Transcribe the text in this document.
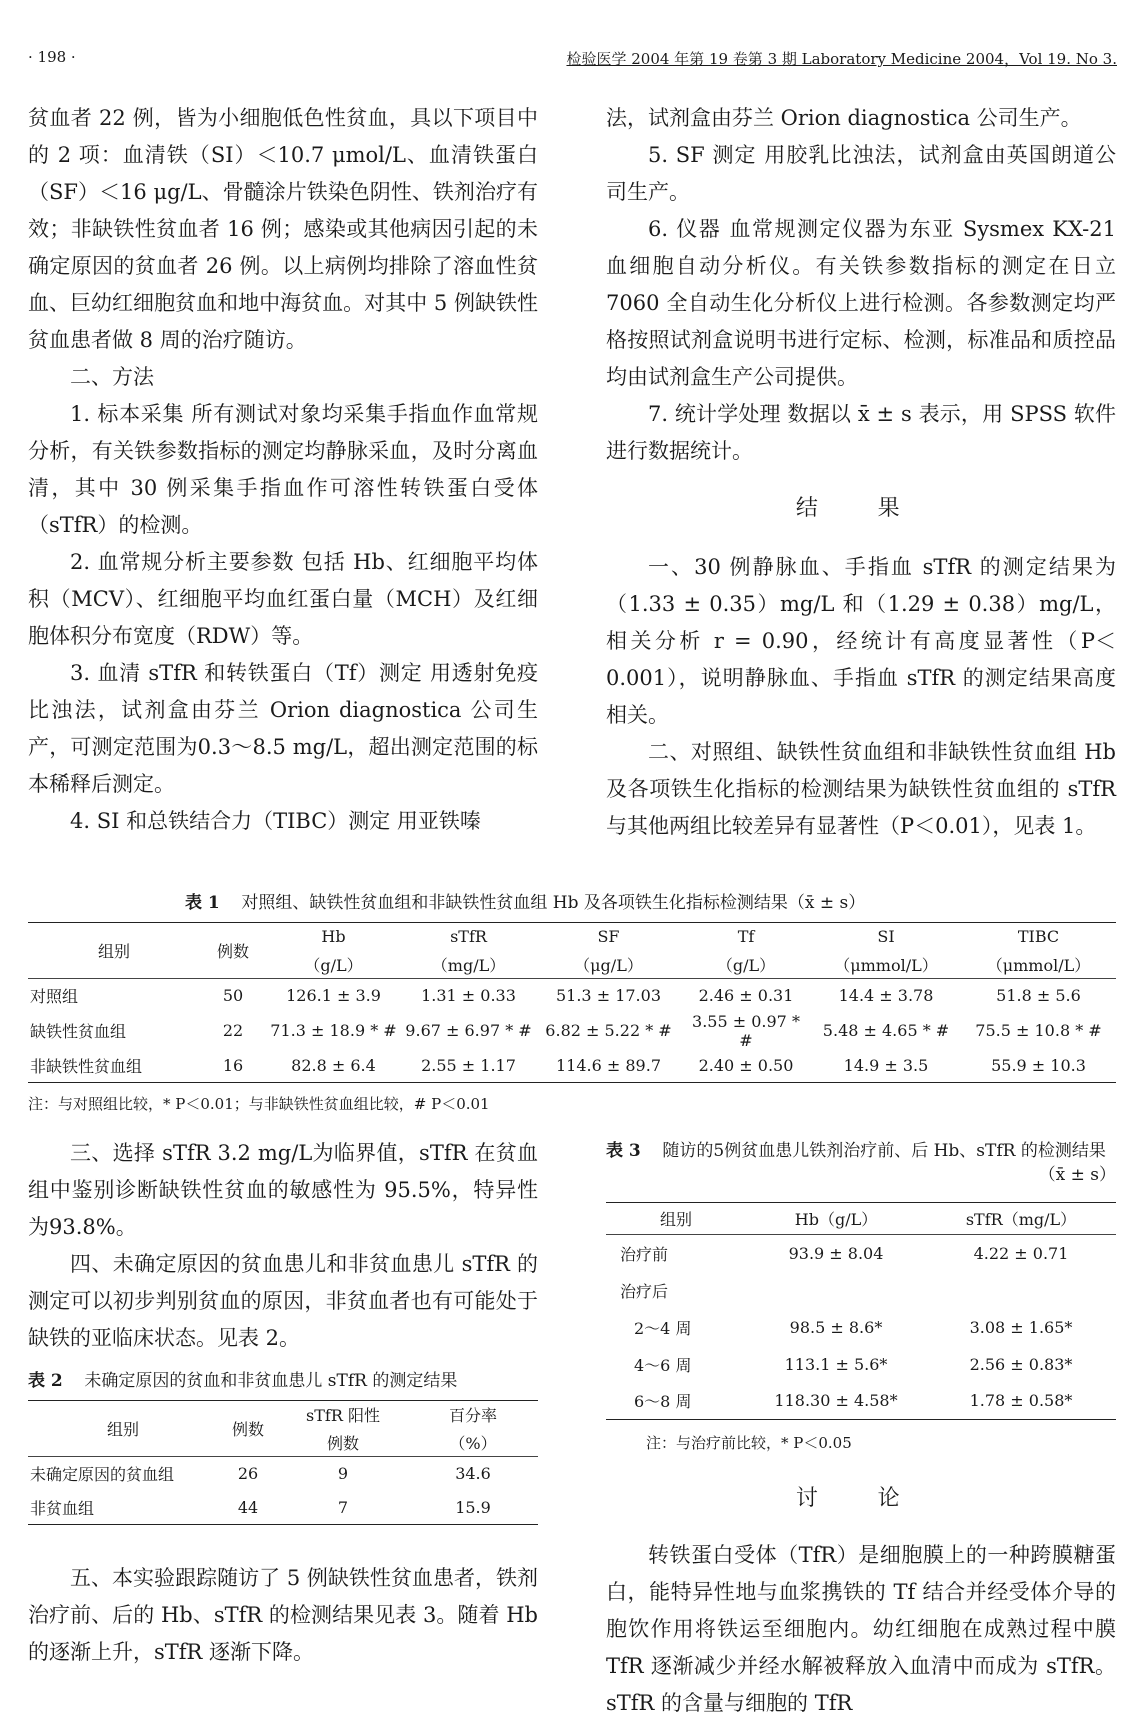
· 198 ·	检验医学 2004 年第 19 卷第 3 期 Laboratory Medicine 2004，Vol 19. No 3.

贫血者 22 例，皆为小细胞低色性贫血，具以下项目中的 2 项：血清铁（SI）＜10.7 μmol/L、血清铁蛋白（SF）＜16 μg/L、骨髓涂片铁染色阴性、铁剂治疗有效；非缺铁性贫血者 16 例；感染或其他病因引起的未确定原因的贫血者 26 例。以上病例均排除了溶血性贫血、巨幼红细胞贫血和地中海贫血。对其中 5 例缺铁性贫血患者做 8 周的治疗随访。

二、方法

1. 标本采集 所有测试对象均采集手指血作血常规分析，有关铁参数指标的测定均静脉采血，及时分离血清，其中 30 例采集手指血作可溶性转铁蛋白受体（sTfR）的检测。

2. 血常规分析主要参数 包括 Hb、红细胞平均体积（MCV）、红细胞平均血红蛋白量（MCH）及红细胞体积分布宽度（RDW）等。

3. 血清 sTfR 和转铁蛋白（Tf）测定 用透射免疫比浊法，试剂盒由芬兰 Orion diagnostica 公司生产，可测定范围为0.3～8.5 mg/L，超出测定范围的标本稀释后测定。

4. SI 和总铁结合力（TIBC）测定 用亚铁嗪

法，试剂盒由芬兰 Orion diagnostica 公司生产。

5. SF 测定 用胶乳比浊法，试剂盒由英国朗道公司生产。

6. 仪器 血常规测定仪器为东亚 Sysmex KX-21 血细胞自动分析仪。有关铁参数指标的测定在日立 7060 全自动生化分析仪上进行检测。各参数测定均严格按照试剂盒说明书进行定标、检测，标准品和质控品均由试剂盒生产公司提供。

7. 统计学处理 数据以 x̄ ± s 表示，用 SPSS 软件进行数据统计。

结 果

一、30 例静脉血、手指血 sTfR 的测定结果为（1.33 ± 0.35）mg/L 和（1.29 ± 0.38）mg/L，相关分析 r = 0.90，经统计有高度显著性（P＜0.001），说明静脉血、手指血 sTfR 的测定结果高度相关。

二、对照组、缺铁性贫血组和非缺铁性贫血组 Hb 及各项铁生化指标的检测结果为缺铁性贫血组的 sTfR 与其他两组比较差异有显著性（P＜0.01），见表 1。

表 1 对照组、缺铁性贫血组和非缺铁性贫血组 Hb 及各项铁生化指标检测结果（x̄ ± s）
组别	例数	Hb	sTfR	SF	Tf	SI	TIBC
		（g/L）	（mg/L）	（μg/L）	（g/L）	（μmmol/L）	（μmmol/L）
对照组	50	126.1 ± 3.9	1.31 ± 0.33	51.3 ± 17.03	2.46 ± 0.31	14.4 ± 3.78	51.8 ± 5.6
缺铁性贫血组	22	71.3 ± 18.9 * #	9.67 ± 6.97 * #	6.82 ± 5.22 * #	3.55 ± 0.97 * #	5.48 ± 4.65 * #	75.5 ± 10.8 * #
非缺铁性贫血组	16	82.8 ± 6.4	2.55 ± 1.17	114.6 ± 89.7	2.40 ± 0.50	14.9 ± 3.5	55.9 ± 10.3
注：与对照组比较，* P＜0.01；与非缺铁性贫血组比较，# P＜0.01

三、选择 sTfR 3.2 mg/L为临界值，sTfR 在贫血组中鉴别诊断缺铁性贫血的敏感性为 95.5%，特异性为93.8%。

四、未确定原因的贫血患儿和非贫血患儿 sTfR 的测定可以初步判别贫血的原因，非贫血者也有可能处于缺铁的亚临床状态。见表 2。

表 2 未确定原因的贫血和非贫血患儿 sTfR 的测定结果
组别	例数	sTfR 阳性	百分率
		例数	（%）
未确定原因的贫血组	26	9	34.6
非贫血组	44	7	15.9

五、本实验跟踪随访了 5 例缺铁性贫血患者，铁剂治疗前、后的 Hb、sTfR 的检测结果见表 3。随着 Hb 的逐渐上升，sTfR 逐渐下降。

表 3 随访的5例贫血患儿铁剂治疗前、后 Hb、sTfR 的检测结果
（x̄ ± s）
组别	Hb（g/L）	sTfR（mg/L）
治疗前	93.9 ± 8.04	4.22 ± 0.71
治疗后		
2～4 周	98.5 ± 8.6*	3.08 ± 1.65*
4～6 周	113.1 ± 5.6*	2.56 ± 0.83*
6～8 周	118.30 ± 4.58*	1.78 ± 0.58*
注：与治疗前比较，* P＜0.05

讨 论

转铁蛋白受体（TfR）是细胞膜上的一种跨膜糖蛋白，能特异性地与血浆携铁的 Tf 结合并经受体介导的胞饮作用将铁运至细胞内。幼红细胞在成熟过程中膜 TfR 逐渐减少并经水解被释放入血清中而成为 sTfR。sTfR 的含量与细胞的 TfR
